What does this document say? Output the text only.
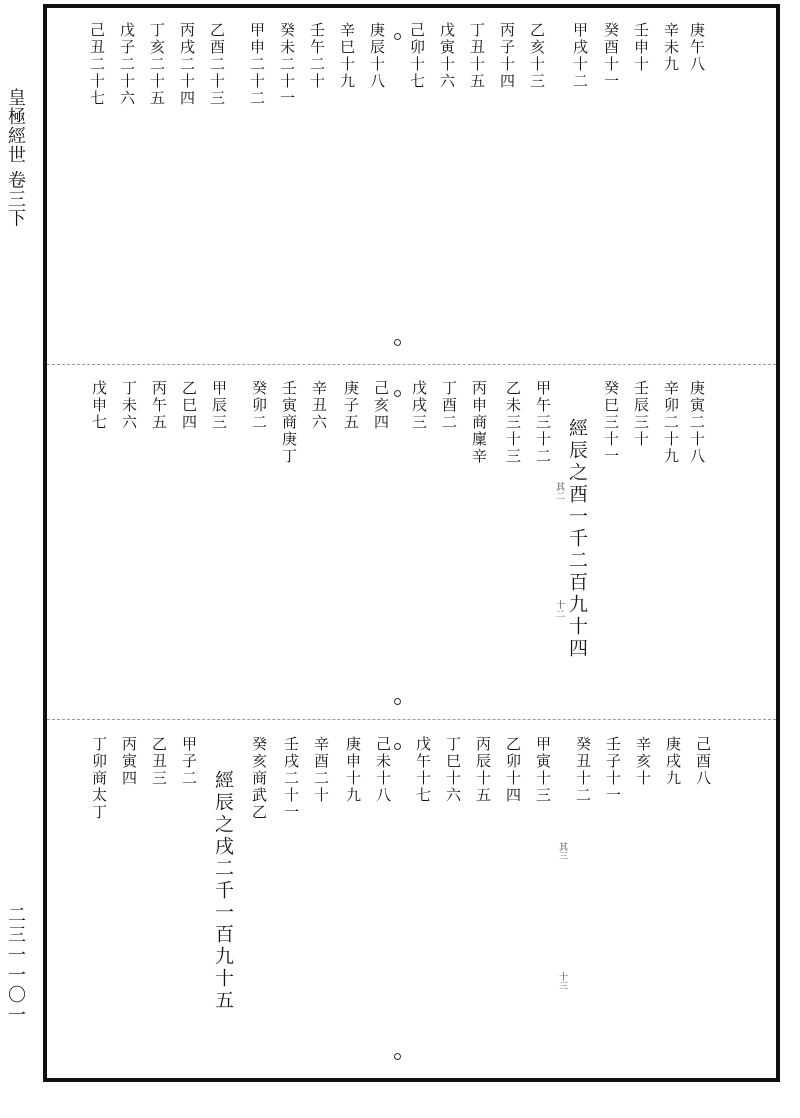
皇極經世 卷三下
二三一一〇一
庚午八
辛未九
壬申十
癸酉十一
甲戌十二
乙亥十三
丙子十四
丁丑十五
戊寅十六
己卯十七
庚辰十八
辛巳十九
壬午二十
癸未二十一
甲申二十二
乙酉二十三
丙戌二十四
丁亥二十五
戊子二十六
己丑二十七
庚寅二十八
辛卯二十九
壬辰三十
癸巳三十一
經辰之酉一千二百九十四
其二
十二
甲午三十二
乙未三十三
丙申商廩辛
丁酉二
戊戌三
己亥四
庚子五
辛丑六
壬寅商庚丁
癸卯二
甲辰三
乙巳四
丙午五
丁未六
戊申七
己酉八
庚戌九
辛亥十
壬子十一
癸丑十二
其三
十三
甲寅十三
乙卯十四
丙辰十五
丁巳十六
戊午十七
己未十八
庚申十九
辛酉二十
壬戌二十一
癸亥商武乙
經辰之戌二千一百九十五
甲子二
乙丑三
丙寅四
丁卯商太丁
